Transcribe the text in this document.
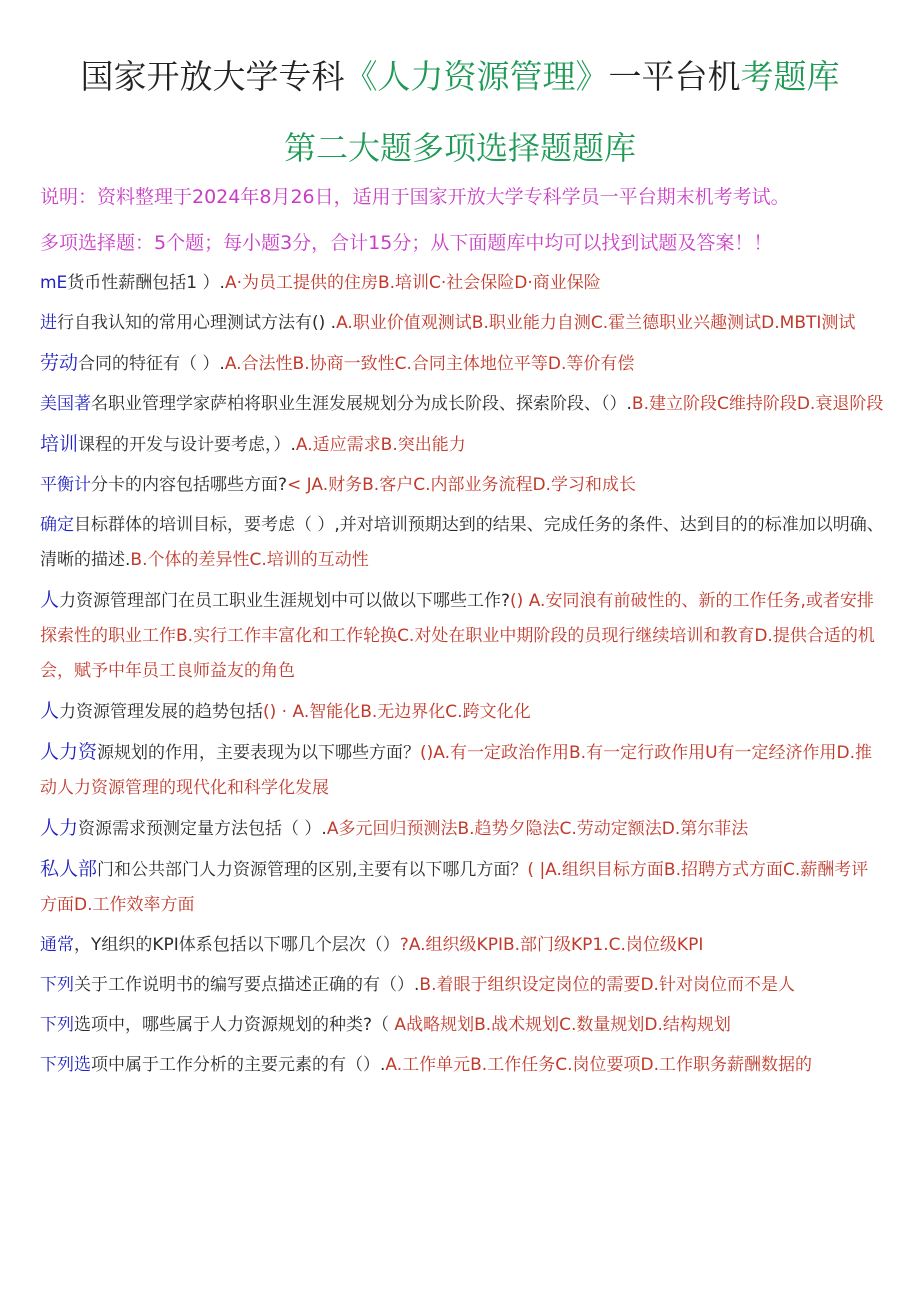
国家开放大学专科《人力资源管理》一平台机考题库
第二大题多项选择题题库
说明：资料整理于2024年8月26日，适用于国家开放大学专科学员一平台期末机考考试。
多项选择题：5个题；每小题3分，合计15分；从下面题库中均可以找到试题及答案！！
mE货币性薪酬包括1 ）.A·为员工提供的住房B.培训C·社会保险D·商业保险
进行自我认知的常用心理测试方法有() .A.职业价值观测试B.职业能力自测C.霍兰德职业兴趣测试D.MBTI测试
劳动合同的特征有（ ）.A.合法性B.协商一致性C.合同主体地位平等D.等价有偿
美国著名职业管理学家萨柏将职业生涯发展规划分为成长阶段、探索阶段、（）.B.建立阶段C维持阶段D.衰退阶段
培训课程的开发与设计要考虑，）.A.适应需求B.突出能力
平衡计分卡的内容包括哪些方面?< JA.财务B.客户C.内部业务流程D.学习和成长
确定目标群体的培训目标，要考虑（ ）,并对培训预期达到的结果、完成任务的条件、达到目的的标准加以明确、清晰的描述.B.个体的差异性C.培训的互动性
人力资源管理部门在员工职业生涯规划中可以做以下哪些工作?() A.安同浪有前破性的、新的工作任务,或者安排探索性的职业工作B.实行工作丰富化和工作轮换C.对处在职业中期阶段的员现行继续培训和教育D.提供合适的机会，赋予中年员工良师益友的角色
人力资源管理发展的趋势包括() · A.智能化B.无边界化C.跨文化化
人力资源规划的作用，主要表现为以下哪些方面？()A.有一定政治作用B.有一定行政作用U有一定经济作用D.推动人力资源管理的现代化和科学化发展
人力资源需求预测定量方法包括（ ）.A多元回归预测法B.趋势夕隐法C.劳动定额法D.第尔菲法
私人部门和公共部门人力资源管理的区别,主要有以下哪几方面？( |A.组织目标方面B.招聘方式方面C.薪酬考评方面D.工作效率方面
通常，Y组织的KPI体系包括以下哪几个层次（）?A.组织级KPIB.部门级KP1.C.岗位级KPI
下列关于工作说明书的编写要点描述正确的有（）.B.着眼于组织设定岗位的需要D.针对岗位而不是人
下列选项中，哪些属于人力资源规划的种类?（ A战略规划B.战术规划C.数量规划D.结构规划
下列选项中属于工作分析的主要元素的有（）.A.工作单元B.工作任务C.岗位要项D.工作职务薪酬数据的
